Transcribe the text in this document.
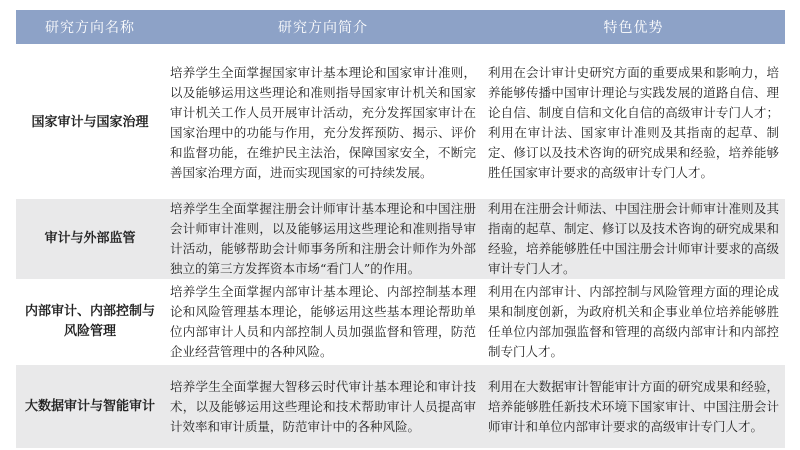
研究方向名称	研究方向简介	特色优势

国家审计与国家治理	培养学生全面掌握国家审计基本理论和国家审计准则，以及能够运用这些理论和准则指导国家审计机关和国家审计机关工作人员开展审计活动，充分发挥国家审计在国家治理中的功能与作用，充分发挥预防、揭示、评价和监督功能，在维护民主法治，保障国家安全，不断完善国家治理方面，进而实现国家的可持续发展。	利用在会计审计史研究方面的重要成果和影响力，培养能够传播中国审计理论与实践发展的道路自信、理论自信、制度自信和文化自信的高级审计专门人才；利用在审计法、国家审计准则及其指南的起草、制定、修订以及技术咨询的研究成果和经验，培养能够胜任国家审计要求的高级审计专门人才。
审计与外部监管	培养学生全面掌握注册会计师审计基本理论和中国注册会计师审计准则，以及能够运用这些理论和准则指导审计活动，能够帮助会计师事务所和注册会计师作为外部独立的第三方发挥资本市场“看门人”的作用。	利用在注册会计师法、中国注册会计师审计准则及其指南的起草、制定、修订以及技术咨询的研究成果和经验，培养能够胜任中国注册会计师审计要求的高级审计专门人才。
内部审计、内部控制与风险管理	培养学生全面掌握内部审计基本理论、内部控制基本理论和风险管理基本理论，能够运用这些基本理论帮助单位内部审计人员和内部控制人员加强监督和管理，防范企业经营管理中的各种风险。	利用在内部审计、内部控制与风险管理方面的理论成果和制度创新，为政府机关和企事业单位培养能够胜任单位内部加强监督和管理的高级内部审计和内部控制专门人才。
大数据审计与智能审计	培养学生全面掌握大智移云时代审计基本理论和审计技术，以及能够运用这些理论和技术帮助审计人员提高审计效率和审计质量，防范审计中的各种风险。	利用在大数据审计智能审计方面的研究成果和经验，培养能够胜任新技术环境下国家审计、中国注册会计师审计和单位内部审计要求的高级审计专门人才。
